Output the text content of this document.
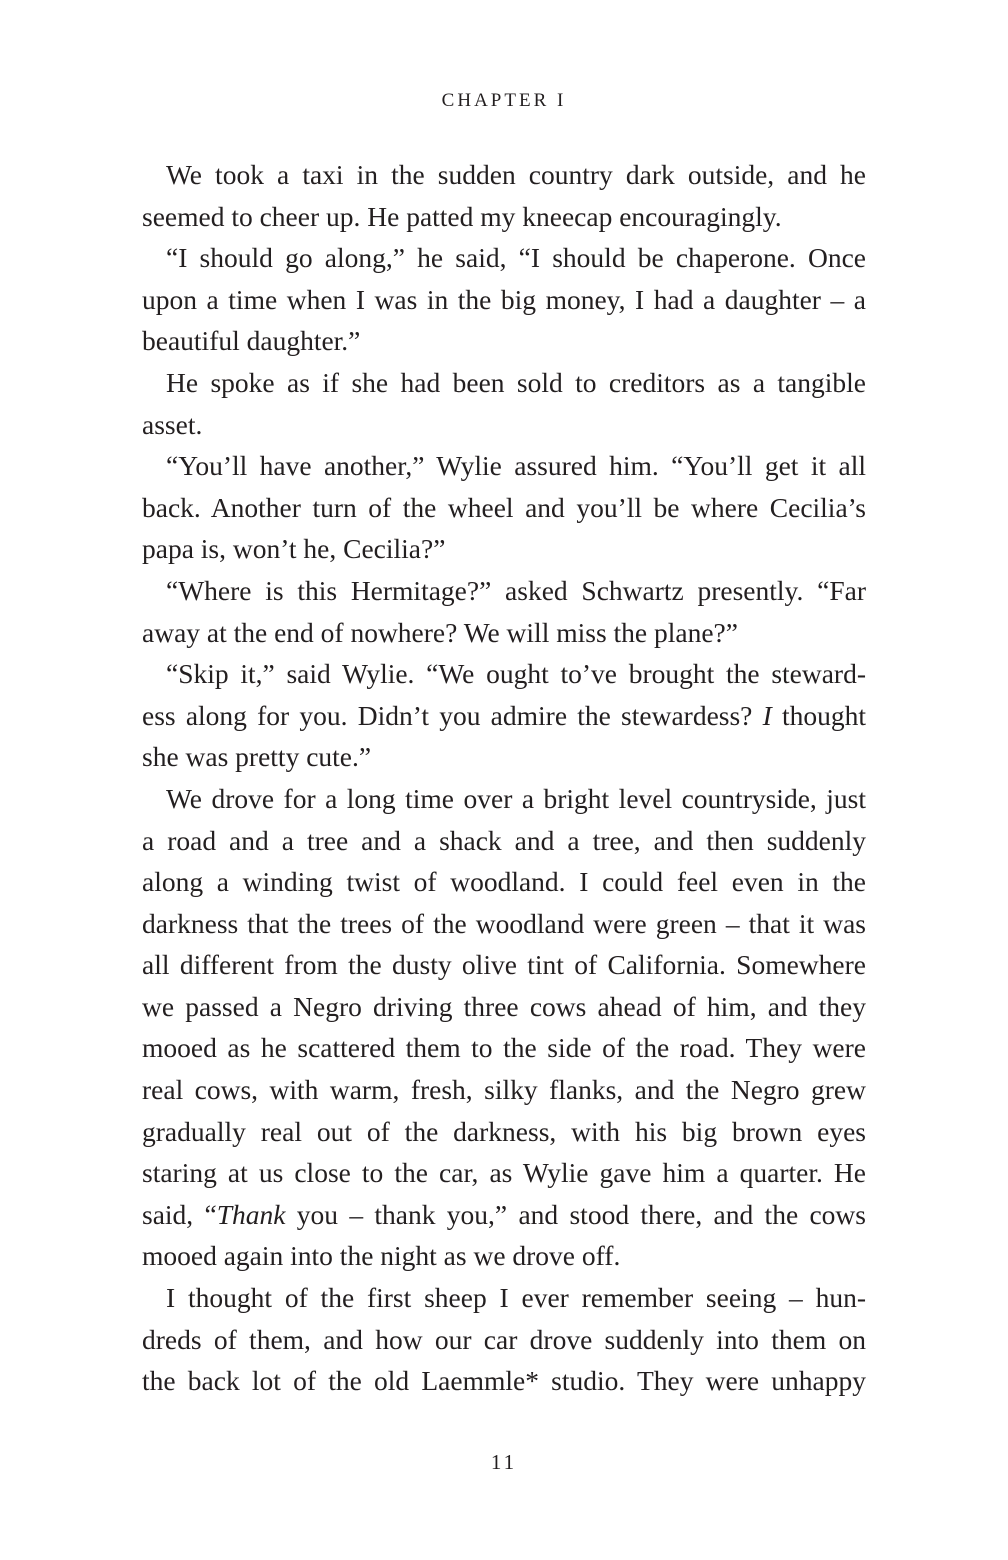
CHAPTER I
We took a taxi in the sudden country dark outside, and he
seemed to cheer up. He patted my kneecap encouragingly.
“I should go along,” he said, “I should be chaperone. Once
upon a time when I was in the big money, I had a daughter – a
beautiful daughter.”
He spoke as if she had been sold to creditors as a tangible
asset.
“You’ll have another,” Wylie assured him. “You’ll get it all
back. Another turn of the wheel and you’ll be where Cecilia’s
papa is, won’t he, Cecilia?”
“Where is this Hermitage?” asked Schwartz presently. “Far
away at the end of nowhere? We will miss the plane?”
“Skip it,” said Wylie. “We ought to’ve brought the steward-
ess along for you. Didn’t you admire the stewardess? I thought
she was pretty cute.”
We drove for a long time over a bright level countryside, just
a road and a tree and a shack and a tree, and then suddenly
along a winding twist of woodland. I could feel even in the
darkness that the trees of the woodland were green – that it was
all different from the dusty olive tint of California. Somewhere
we passed a Negro driving three cows ahead of him, and they
mooed as he scattered them to the side of the road. They were
real cows, with warm, fresh, silky flanks, and the Negro grew
gradually real out of the darkness, with his big brown eyes
staring at us close to the car, as Wylie gave him a quarter. He
said, “Thank you – thank you,” and stood there, and the cows
mooed again into the night as we drove off.
I thought of the first sheep I ever remember seeing – hun-
dreds of them, and how our car drove suddenly into them on
the back lot of the old Laemmle* studio. They were unhappy
11
